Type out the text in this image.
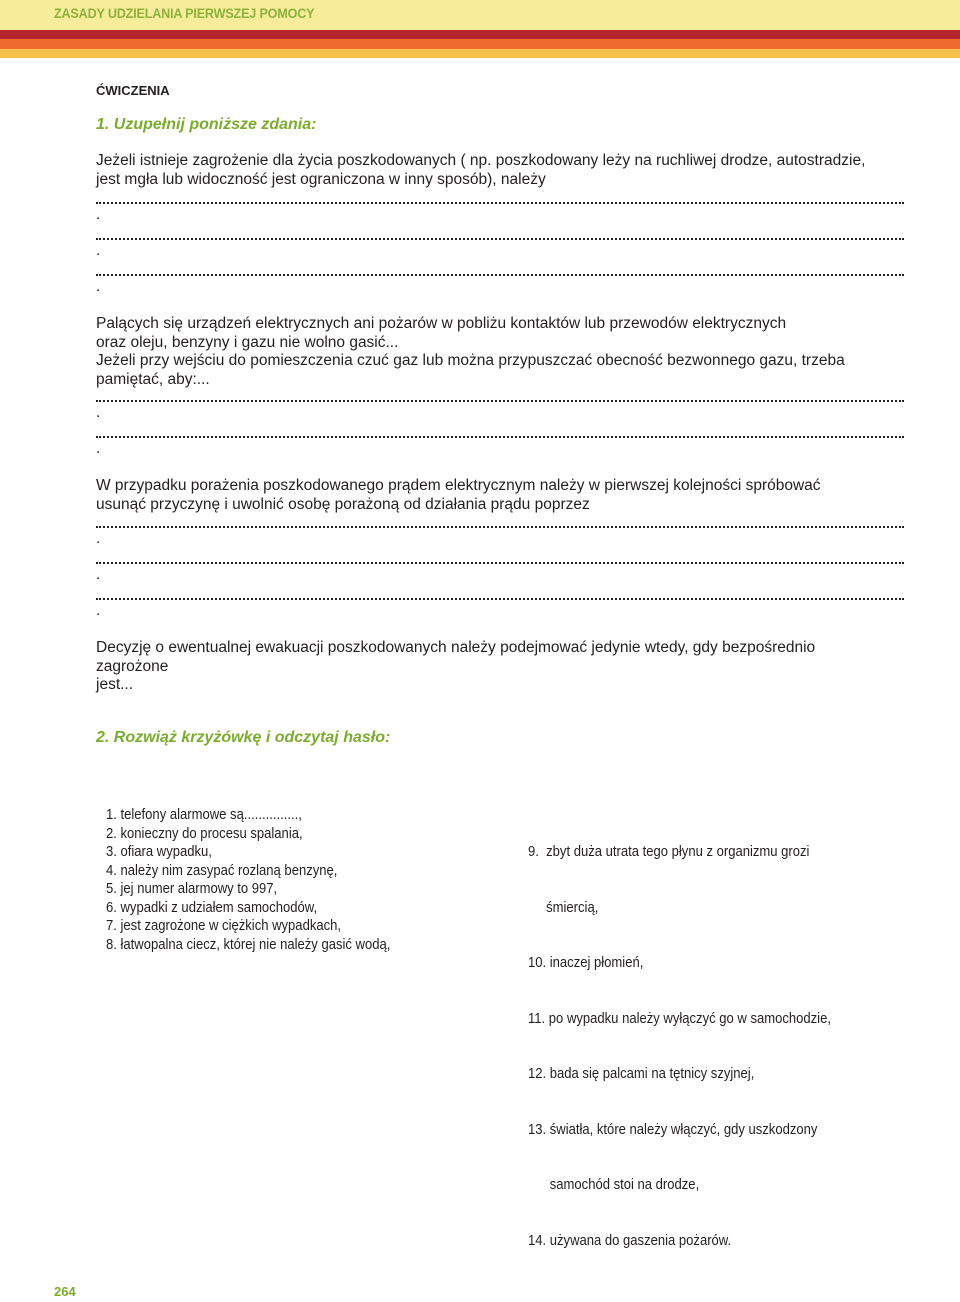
ZASADY UDZIELANIA PIERWSZEJ POMOCY
ĆWICZENIA
1. Uzupełnij poniższe zdania:
Jeżeli istnieje zagrożenie dla życia poszkodowanych ( np. poszkodowany leży na ruchliwej drodze, autostradzie,
jest mgła lub widoczność jest ograniczona w inny sposób), należy
.
.
.
Palących się urządzeń elektrycznych ani pożarów w pobliżu kontaktów lub przewodów elektrycznych
oraz oleju, benzyny i gazu nie wolno gasić...
Jeżeli przy wejściu do pomieszczenia czuć gaz lub można przypuszczać obecność bezwonnego gazu, trzeba
pamiętać, aby:...
.
.
W przypadku porażenia poszkodowanego prądem elektrycznym należy w pierwszej kolejności spróbować
usunąć przyczynę i uwolnić osobę porażoną od działania prądu poprzez
.
.
.
Decyzję o ewentualnej ewakuacji poszkodowanych należy podejmować jedynie wtedy, gdy bezpośrednio
zagrożone
jest...
2. Rozwiąż krzyżówkę i odczytaj hasło:
1. telefony alarmowe są...............,
2. konieczny do procesu spalania,
3. ofiara wypadku,
4. należy nim zasypać rozlaną benzynę,
5. jej numer alarmowy to 997,
6. wypadki z udziałem samochodów,
7. jest zagrożone w ciężkich wypadkach,
8. łatwopalna ciecz, której nie należy gasić wodą,

9.  zbyt duża utrata tego płynu z organizmu grozi

śmiercią,

10. inaczej płomień,

11. po wypadku należy wyłączyć go w samochodzie,

12. bada się palcami na tętnicy szyjnej,

13. światła, które należy włączyć, gdy uszkodzony

samochód stoi na drodze,

14. używana do gaszenia pożarów.

264
